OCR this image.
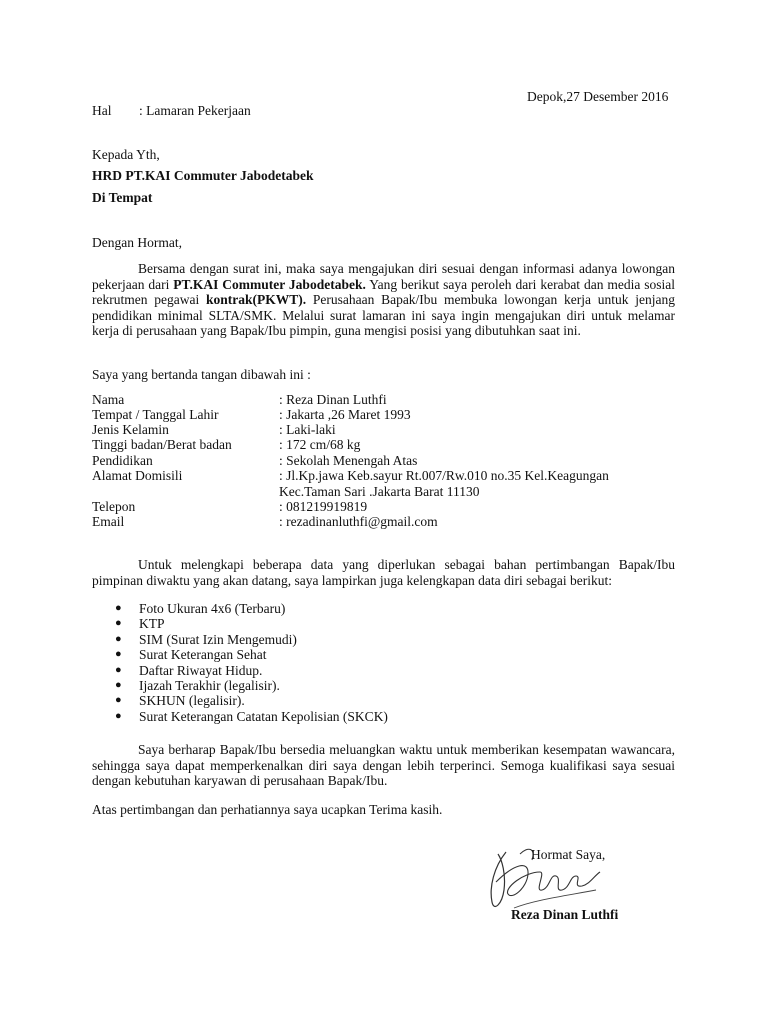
Depok,27 Desember 2016
Hal : Lamaran Pekerjaan
Kepada Yth,
HRD PT.KAI Commuter Jabodetabek
Di Tempat
Dengan Hormat,
Bersama dengan surat ini, maka saya mengajukan diri sesuai dengan informasi adanya lowongan pekerjaan dari PT.KAI Commuter Jabodetabek. Yang berikut saya peroleh dari kerabat dan media sosial rekrutmen pegawai kontrak(PKWT). Perusahaan Bapak/Ibu membuka lowongan kerja untuk jenjang pendidikan minimal SLTA/SMK. Melalui surat lamaran ini saya ingin mengajukan diri untuk melamar kerja di perusahaan yang Bapak/Ibu pimpin, guna mengisi posisi yang dibutuhkan saat ini.
Saya yang bertanda tangan dibawah ini :
Nama	: Reza Dinan Luthfi
Tempat / Tanggal Lahir	: Jakarta ,26 Maret 1993
Jenis Kelamin	: Laki-laki
Tinggi badan/Berat badan	: 172 cm/68 kg
Pendidikan	: Sekolah Menengah Atas
Alamat Domisili	: Jl.Kp.jawa Keb.sayur Rt.007/Rw.010 no.35 Kel.Keagungan
Kec.Taman Sari .Jakarta Barat 11130
Telepon	: 081219919819
Email	: rezadinanluthfi@gmail.com
Untuk melengkapi beberapa data yang diperlukan sebagai bahan pertimbangan Bapak/Ibu pimpinan diwaktu yang akan datang, saya lampirkan juga kelengkapan data diri sebagai berikut:
● Foto Ukuran 4x6 (Terbaru)
● KTP
● SIM (Surat Izin Mengemudi)
● Surat Keterangan Sehat
● Daftar Riwayat Hidup.
● Ijazah Terakhir (legalisir).
● SKHUN (legalisir).
● Surat Keterangan Catatan Kepolisian (SKCK)
Saya berharap Bapak/Ibu bersedia meluangkan waktu untuk memberikan kesempatan wawancara, sehingga saya dapat memperkenalkan diri saya dengan lebih terperinci. Semoga kualifikasi saya sesuai dengan kebutuhan karyawan di perusahaan Bapak/Ibu.
Atas pertimbangan dan perhatiannya saya ucapkan Terima kasih.
Hormat Saya,
Reza Dinan Luthfi
